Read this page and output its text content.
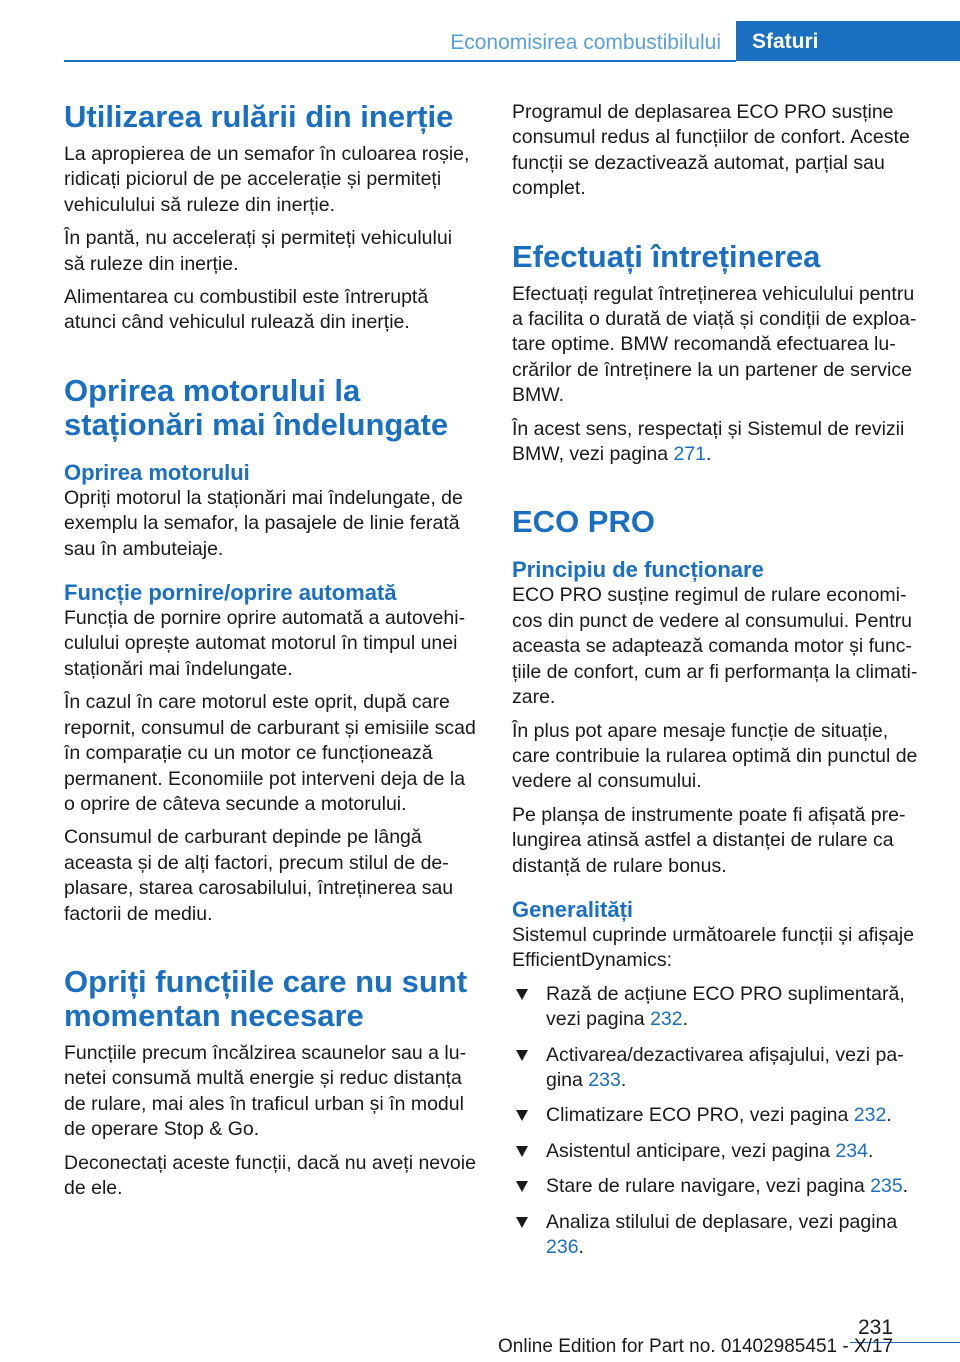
Economisirea combustibilului	Sfaturi
Utilizarea rulării din inerție

La apropierea de un semafor în culoarea roșie, ridicați piciorul de pe accelerație și permiteți vehiculului să ruleze din inerție.

În pantă, nu accelerați și permiteți vehiculului să ruleze din inerție.

Alimentarea cu combustibil este întreruptă atunci când vehiculul rulează din inerție.

Oprirea motorului la staționări mai îndelungate
Oprirea motorului

Opriți motorul la staționări mai îndelungate, de exemplu la semafor, la pasajele de linie ferată sau în ambuteiaje.

Funcție pornire/oprire automată

Funcția de pornire oprire automată a autovehiculului oprește automat motorul în timpul unei staționări mai îndelungate.

În cazul în care motorul este oprit, după care repornit, consumul de carburant și emisiile scad în comparație cu un motor ce funcționează permanent. Economiile pot interveni deja de la o oprire de câteva secunde a motorului.

Consumul de carburant depinde pe lângă aceasta și de alți factori, precum stilul de deplasare, starea carosabilului, întreținerea sau factorii de mediu.

Opriți funcțiile care nu sunt momentan necesare

Funcțiile precum încălzirea scaunelor sau a lunetei consumă multă energie și reduc distanța de rulare, mai ales în traficul urban și în modul de operare Stop & Go.

Deconectați aceste funcții, dacă nu aveți nevoie de ele.

Programul de deplasarea ECO PRO susține consumul redus al funcțiilor de confort. Aceste funcții se dezactivează automat, parțial sau complet.

Efectuați întreținerea

Efectuați regulat întreținerea vehiculului pentru a facilita o durată de viață și condiții de exploatare optime. BMW recomandă efectuarea lucrărilor de întreținere la un partener de service BMW.

În acest sens, respectați și Sistemul de revizii BMW, vezi pagina 271.

ECO PRO
Principiu de funcționare

ECO PRO susține regimul de rulare economicos din punct de vedere al consumului. Pentru aceasta se adaptează comanda motor și funcțiile de confort, cum ar fi performanța la climatizare.

În plus pot apare mesaje funcție de situație, care contribuie la rularea optimă din punctul de vedere al consumului.

Pe planșa de instrumente poate fi afișată prelungirea atinsă astfel a distanței de rulare ca distanță de rulare bonus.

Generalități

Sistemul cuprinde următoarele funcții și afișaje EfficientDynamics:

Rază de acțiune ECO PRO suplimentară, vezi pagina 232.
Activarea/dezactivarea afișajului, vezi pagina 233.
Climatizare ECO PRO, vezi pagina 232.
Asistentul anticipare, vezi pagina 234.
Stare de rulare navigare, vezi pagina 235.
Analiza stilului de deplasare, vezi pagina 236.
231
Online Edition for Part no. 01402985451 - X/17
